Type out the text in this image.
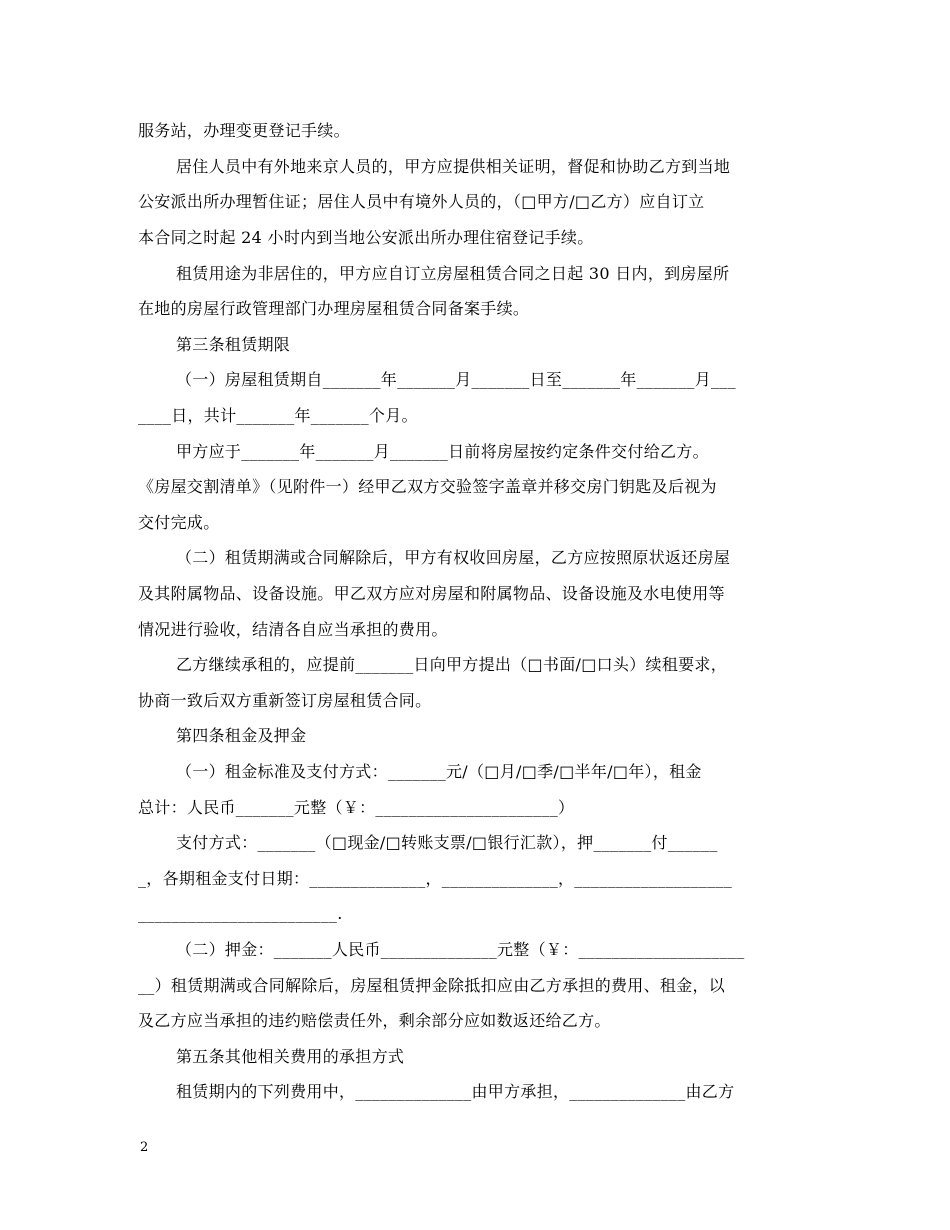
服务站，办理变更登记手续。
居住人员中有外地来京人员的，甲方应提供相关证明，督促和协助乙方到当地
公安派出所办理暂住证；居住人员中有境外人员的，（□甲方/□乙方）应自订立
本合同之时起 24 小时内到当地公安派出所办理住宿登记手续。
租赁用途为非居住的，甲方应自订立房屋租赁合同之日起 30 日内，到房屋所
在地的房屋行政管理部门办理房屋租赁合同备案手续。
第三条租赁期限
（一）房屋租赁期自_______年_______月_______日至_______年_______月___
____日，共计_______年_______个月。
甲方应于_______年_______月_______日前将房屋按约定条件交付给乙方。
《房屋交割清单》（见附件一）经甲乙双方交验签字盖章并移交房门钥匙及后视为
交付完成。
（二）租赁期满或合同解除后，甲方有权收回房屋，乙方应按照原状返还房屋
及其附属物品、设备设施。甲乙双方应对房屋和附属物品、设备设施及水电使用等
情况进行验收，结清各自应当承担的费用。
乙方继续承租的，应提前_______日向甲方提出（□书面/□口头）续租要求，
协商一致后双方重新签订房屋租赁合同。
第四条租金及押金
（一）租金标准及支付方式：_______元/（□月/□季/□半年/□年），租金
总计：人民币_______元整（￥：______________________）
支付方式：_______（□现金/□转账支票/□银行汇款），押_______付______
_，各期租金支付日期：______________，______________，___________________
________________________.
（二）押金：_______人民币______________元整（￥：____________________
__）租赁期满或合同解除后，房屋租赁押金除抵扣应由乙方承担的费用、租金，以
及乙方应当承担的违约赔偿责任外，剩余部分应如数返还给乙方。
第五条其他相关费用的承担方式
租赁期内的下列费用中，______________由甲方承担，______________由乙方
2
